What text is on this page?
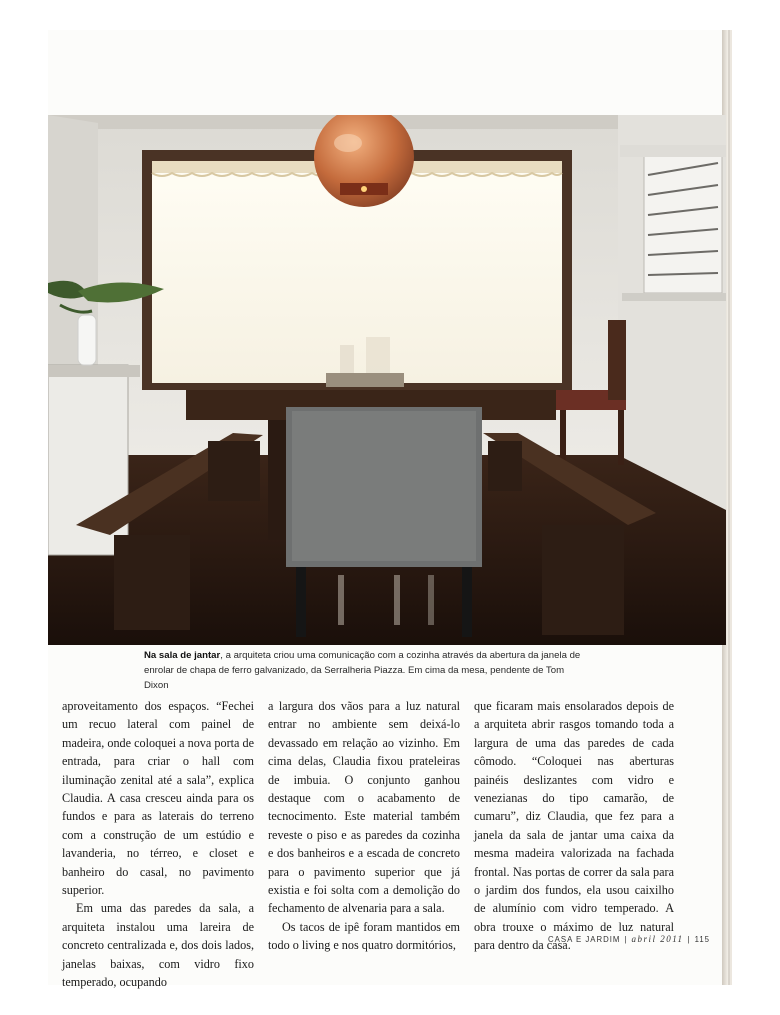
Na sala de jantar, a arquiteta criou uma comunicação com a cozinha através da abertura da janela de enrolar de chapa de ferro galvanizado, da Serralheria Piazza. Em cima da mesa, pendente de Tom Dixon

aproveitamento dos espaços. “Fechei um recuo lateral com painel de madeira, onde coloquei a nova porta de entrada, para criar o hall com iluminação zenital até a sala”, explica Claudia. A casa cresceu ainda para os fundos e para as laterais do terreno com a construção de um estúdio e lavanderia, no térreo, e closet e banheiro do casal, no pavimento superior.

Em uma das paredes da sala, a arquiteta instalou uma lareira de concreto centralizada e, dos dois lados, janelas baixas, com vidro fixo temperado, ocupando

a largura dos vãos para a luz natural entrar no ambiente sem deixá-lo devassado em relação ao vizinho. Em cima delas, Claudia fixou prateleiras de imbuia. O conjunto ganhou destaque com o acabamento de tecnocimento. Este material também reveste o piso e as paredes da cozinha e dos banheiros e a escada de concreto para o pavimento superior que já existia e foi solta com a demolição do fechamento de alvenaria para a sala.

Os tacos de ipê foram mantidos em todo o living e nos quatro dormitórios,

que ficaram mais ensolarados depois de a arquiteta abrir rasgos tomando toda a largura de uma das paredes de cada cômodo. “Coloquei nas aberturas painéis deslizantes com vidro e venezianas do tipo camarão, de cumaru”, diz Claudia, que fez para a janela da sala de jantar uma caixa da mesma madeira valorizada na fachada frontal. Nas portas de correr da sala para o jardim dos fundos, ela usou caixilho de alumínio com vidro temperado. A obra trouxe o máximo de luz natural para dentro da casa.

CASA E JARDIM | abril 2011 | 115
